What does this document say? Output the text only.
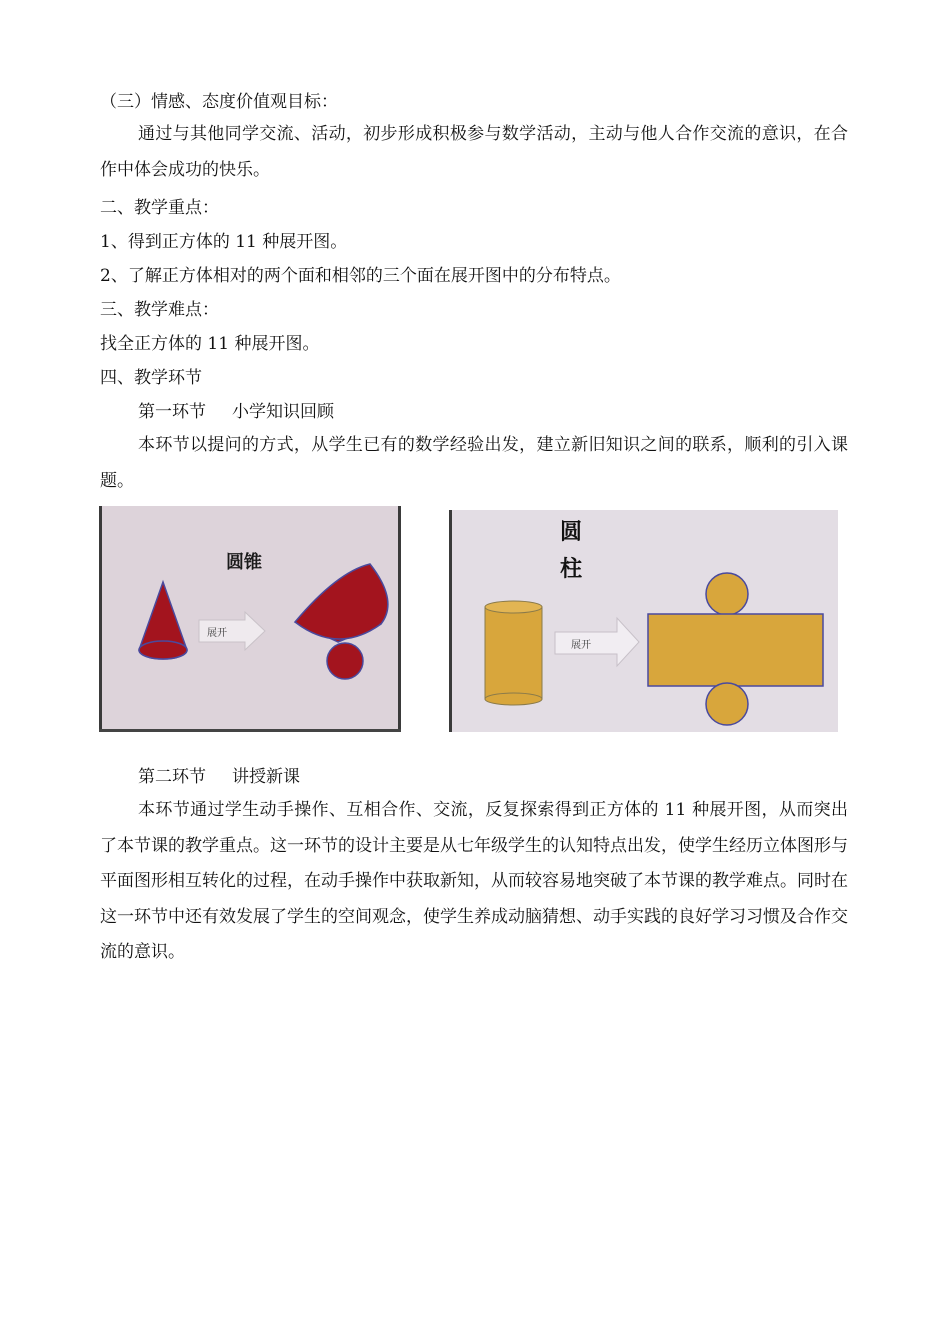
（三）情感、态度价值观目标：
通过与其他同学交流、活动，初步形成积极参与数学活动，主动与他人合作交流的意识，在合作中体会成功的快乐。
二、教学重点：
1、得到正方体的 11 种展开图。
2、了解正方体相对的两个面和相邻的三个面在展开图中的分布特点。
三、教学难点：
找全正方体的 11 种展开图。
四、教学环节
第一环节 小学知识回顾
本环节以提问的方式，从学生已有的数学经验出发，建立新旧知识之间的联系，顺利的引入课题。
圆锥
展开
圆
柱
展开
第二环节 讲授新课
本环节通过学生动手操作、互相合作、交流，反复探索得到正方体的 11 种展开图，从而突出了本节课的教学重点。这一环节的设计主要是从七年级学生的认知特点出发，使学生经历立体图形与平面图形相互转化的过程，在动手操作中获取新知，从而较容易地突破了本节课的教学难点。同时在这一环节中还有效发展了学生的空间观念，使学生养成动脑猜想、动手实践的良好学习习惯及合作交流的意识。
